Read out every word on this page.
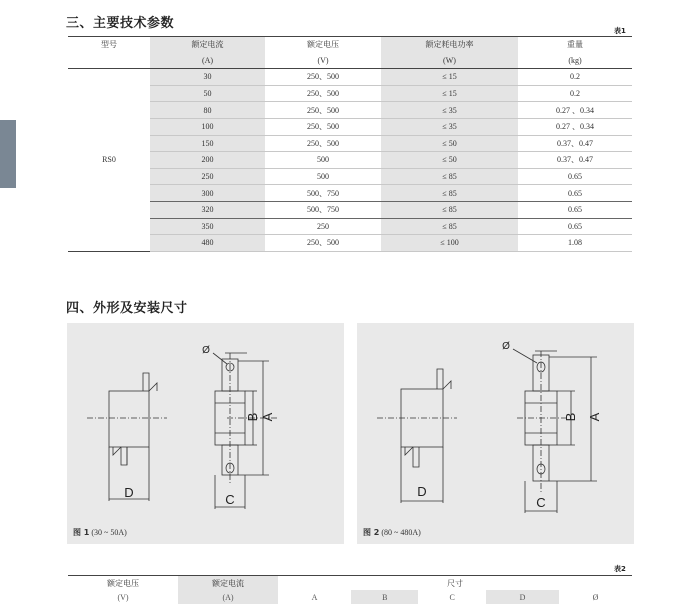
三、主要技术参数	表1
型号	额定电流	额定电压	额定耗电功率	重量
	(A)	(V)	(W)	(kg)
RS0	30	250、500	≤ 15	0.2
	50	250、500	≤ 15	0.2
	80	250、500	≤ 35	0.27 、0.34
	100	250、500	≤ 35	0.27 、0.34
	150	250、500	≤ 50	0.37、0.47
	200	500	≤ 50	0.37、0.47
	250	500	≤ 85	0.65
	300	500、750	≤ 85	0.65
	320	500、750	≤ 85	0.65
	350	250	≤ 85	0.65
	480	250、500	≤ 100	1.08
四、外形及安装尺寸
D	C
B A
Ø
图 1 (30 ~ 50A)
D
C
B A
Ø
图 2 (80 ~ 480A)
表2
额定电压	额定电流	尺寸				
(V)	(A)	A	B	C	D	Ø
